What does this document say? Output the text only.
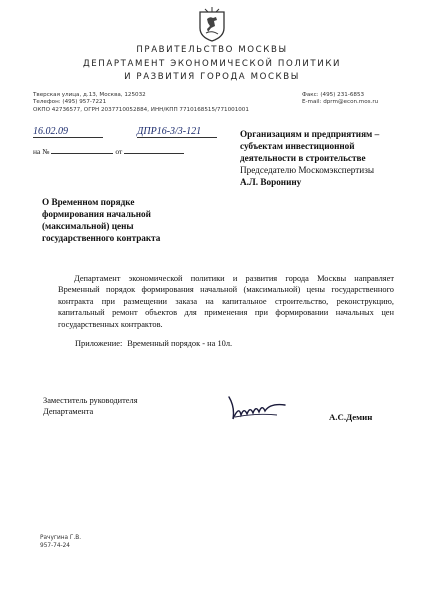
ПРАВИТЕЛЬСТВО МОСКВЫ
ДЕПАРТАМЕНТ ЭКОНОМИЧЕСКОЙ ПОЛИТИКИ
И РАЗВИТИЯ ГОРОДА МОСКВЫ
Тверская улица, д.13, Москва, 125032
Телефон: (495) 957-7221
ОКПО 42736577, ОГРН 2037710052884, ИНН/КПП 7710168515/771001001
Факс: (495) 231-6853
E-mail: dprm@econ.mos.ru
16.02.09	ДПР16-3/3-121
на №	от
Организациям и предприятиям –
субъектам инвестиционной
деятельности в строительстве
Председателю Москомэкспертизы
А.Л. Воронину
О Временном порядке
формирования начальной
(максимальной) цены
государственного контракта
Департамент экономической политики и развития города Москвы направляет Временный порядок формирования начальной (максимальной) цены государственного контракта при размещении заказа на капитальное строительство, реконструкцию, капитальный ремонт объектов для применения при формировании начальных цен государственных контрактов.
Приложение: Временный порядок - на 10л.
Заместитель руководителя
Департамента
А.С.Демин
Рачугина Г.В.
957-74-24
